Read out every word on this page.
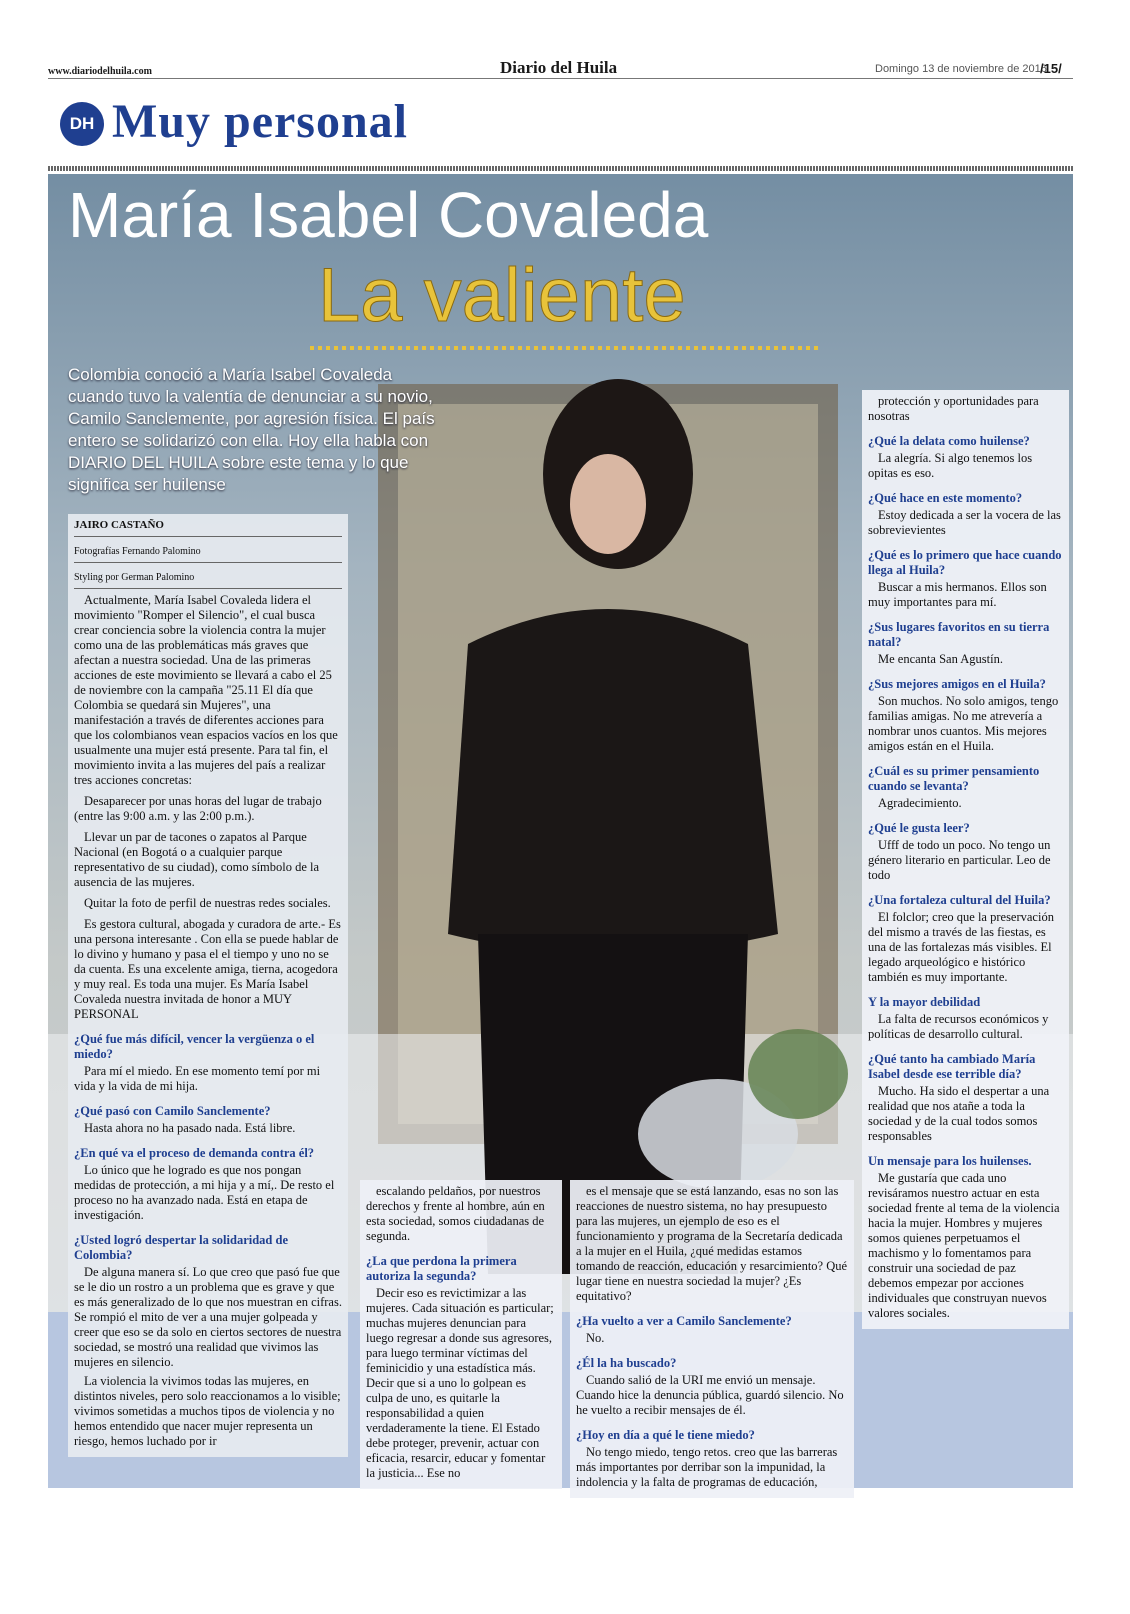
www.diariodelhuila.com	Diario del Huila	Domingo 13 de noviembre de 2016
/15/
DH Muy personal
María Isabel Covaleda
La valiente
Colombia conoció a María Isabel Covaleda cuando tuvo la valentía de denunciar a su novio, Camilo Sanclemente, por agresión física. El país entero se solidarizó con ella. Hoy ella habla con DIARIO DEL HUILA sobre este tema y lo que significa ser huilense
JAIRO CASTAÑO
Fotografías Fernando Palomino
Styling por German Palomino

Actualmente, María Isabel Covaleda lidera el movimiento "Romper el Silencio", el cual busca crear conciencia sobre la violencia contra la mujer como una de las problemáticas más graves que afectan a nuestra sociedad. Una de las primeras acciones de este movimiento se llevará a cabo el 25 de noviembre con la campaña "25.11 El día que Colombia se quedará sin Mujeres", una manifestación a través de diferentes acciones para que los colombianos vean espacios vacíos en los que usualmente una mujer está presente. Para tal fin, el movimiento invita a las mujeres del país a realizar tres acciones concretas:

Desaparecer por unas horas del lugar de trabajo (entre las 9:00 a.m. y las 2:00 p.m.).

Llevar un par de tacones o zapatos al Parque Nacional (en Bogotá o a cualquier parque representativo de su ciudad), como símbolo de la ausencia de las mujeres.

Quitar la foto de perfil de nuestras redes sociales.

Es gestora cultural, abogada y curadora de arte.- Es una persona interesante . Con ella se puede hablar de lo divino y humano y pasa el el tiempo y uno no se da cuenta. Es una excelente amiga, tierna, acogedora y muy real. Es toda una mujer. Es María Isabel Covaleda nuestra invitada de honor a MUY PERSONAL

¿Qué fue más difícil, vencer la vergüenza o el miedo?
Para mí el miedo. En ese momento temí por mi vida y la vida de mi hija.
¿Qué pasó con Camilo Sanclemente?
Hasta ahora no ha pasado nada. Está libre.
¿En qué va el proceso de demanda contra él?
Lo único que he logrado es que nos pongan medidas de protección, a mi hija y a mí,. De resto el proceso no ha avanzado nada. Está en etapa de investigación.
¿Usted logró despertar la solidaridad de Colombia?
De alguna manera sí. Lo que creo que pasó fue que se le dio un rostro a un problema que es grave y que es más generalizado de lo que nos muestran en cifras. Se rompió el mito de ver a una mujer golpeada y creer que eso se da solo en ciertos sectores de nuestra sociedad, se mostró una realidad que vivimos las mujeres en silencio.
La violencia la vivimos todas las mujeres, en distintos niveles, pero solo reaccionamos a lo visible; vivimos sometidas a muchos tipos de violencia y no hemos entendido que nacer mujer representa un riesgo, hemos luchado por ir
escalando peldaños, por nuestros derechos y frente al hombre, aún en esta sociedad, somos ciudadanas de segunda.
¿La que perdona la primera autoriza la segunda?
Decir eso es revictimizar a las mujeres. Cada situación es particular; muchas mujeres denuncian para luego regresar a donde sus agresores, para luego terminar víctimas del feminicidio y una estadística más. Decir que si a uno lo golpean es culpa de uno, es quitarle la responsabilidad a quien verdaderamente la tiene. El Estado debe proteger, prevenir, actuar con eficacia, resarcir, educar y fomentar la justicia... Ese no
es el mensaje que se está lanzando, esas no son las reacciones de nuestro sistema, no hay presupuesto para las mujeres, un ejemplo de eso es el funcionamiento y programa de la Secretaría dedicada a la mujer en el Huila, ¿qué medidas estamos tomando de reacción, educación y resarcimiento? Qué lugar tiene en nuestra sociedad la mujer? ¿Es equitativo?
¿Ha vuelto a ver a Camilo Sanclemente?
No.
¿Él la ha buscado?
Cuando salió de la URI me envió un mensaje. Cuando hice la denuncia pública, guardó silencio. No he vuelto a recibir mensajes de él.
¿Hoy en día a qué le tiene miedo?
No tengo miedo, tengo retos. creo que las barreras más importantes por derribar son la impunidad, la indolencia y la falta de programas de educación,
protección y oportunidades para nosotras
¿Qué la delata como huilense?
La alegría. Si algo tenemos los opitas es eso.
¿Qué hace en este momento?
Estoy dedicada a ser la vocera de las sobrevievientes
¿Qué es lo primero que hace cuando llega al Huila?
Buscar a mis hermanos. Ellos son muy importantes para mí.
¿Sus lugares favoritos en su tierra natal?
Me encanta San Agustín.
¿Sus mejores amigos en el Huila?
Son muchos. No solo amigos, tengo familias amigas. No me atrevería a nombrar unos cuantos. Mis mejores amigos están en el Huila.
¿Cuál es su primer pensamiento cuando se levanta?
Agradecimiento.
¿Qué le gusta leer?
Ufff de todo un poco. No tengo un género literario en particular. Leo de todo
¿Una fortaleza cultural del Huila?
El folclor; creo que la preservación del mismo a través de las fiestas, es una de las fortalezas más visibles. El legado arqueológico e histórico también es muy importante.
Y la mayor debilidad
La falta de recursos económicos y políticas de desarrollo cultural.
¿Qué tanto ha cambiado María Isabel desde ese terrible día?
Mucho. Ha sido el despertar a una realidad que nos atañe a toda la sociedad y de la cual todos somos responsables
Un mensaje para los huilenses.
Me gustaría que cada uno revisáramos nuestro actuar en esta sociedad frente al tema de la violencia hacia la mujer. Hombres y mujeres somos quienes perpetuamos el machismo y lo fomentamos para construir una sociedad de paz debemos empezar por acciones individuales que construyan nuevos valores sociales.
